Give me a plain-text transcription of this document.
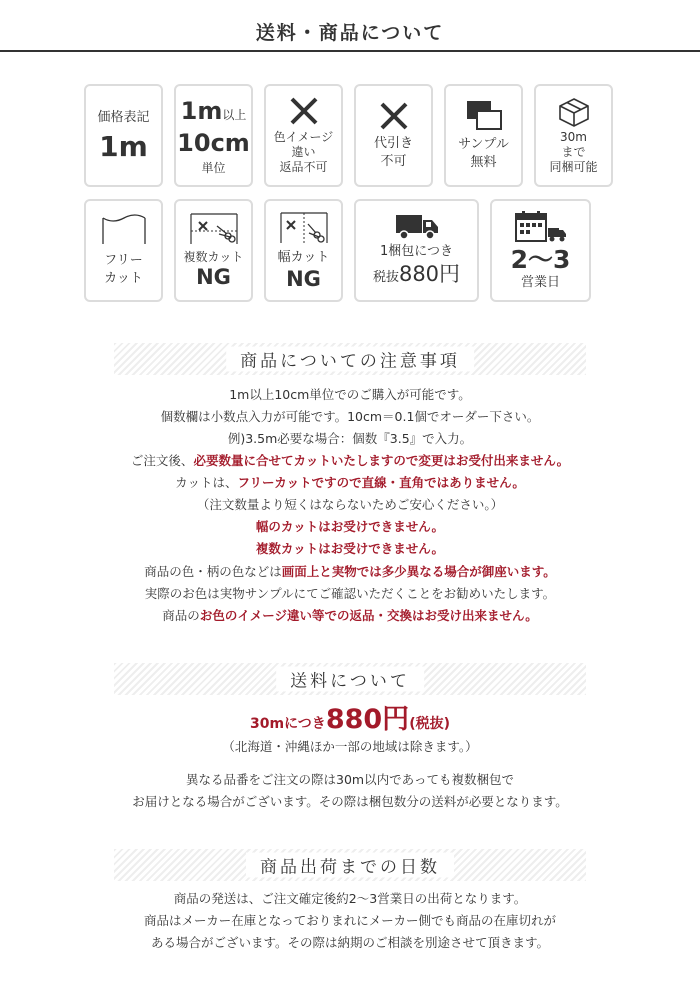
送料・商品について
価格表記
1m
1m以上
10cm
単位
色イメージ
違い
返品不可
代引き
不可
サンプル
無料
30m
まで
同梱可能
フリー
カット
複数カット
NG
幅カット
NG
1梱包につき
税抜880円 2〜3
営業日
商品についての注意事項
1m以上10cm単位でのご購入が可能です。
個数欄は小数点入力が可能です。10cm＝0.1個でオーダー下さい。
例)3.5m必要な場合：個数『3.5』で入力。
ご注文後、必要数量に合せてカットいたしますので変更はお受付出来ません。
カットは、フリーカットですので直線・直角ではありません。
（注文数量より短くはならないためご安心ください。）
幅のカットはお受けできません。
複数カットはお受けできません。
商品の色・柄の色などは画面上と実物では多少異なる場合が御座います。
実際のお色は実物サンプルにてご確認いただくことをお勧めいたします。
商品のお色のイメージ違い等での返品・交換はお受け出来ません。
送料について
30mにつき880円(税抜)
（北海道・沖縄ほか一部の地域は除きます。）
異なる品番をご注文の際は30m以内であっても複数梱包で
お届けとなる場合がございます。その際は梱包数分の送料が必要となります。
商品出荷までの日数
商品の発送は、ご注文確定後約2〜3営業日の出荷となります。
商品はメーカー在庫となっておりまれにメーカー側でも商品の在庫切れが
ある場合がございます。その際は納期のご相談を別途させて頂きます。
